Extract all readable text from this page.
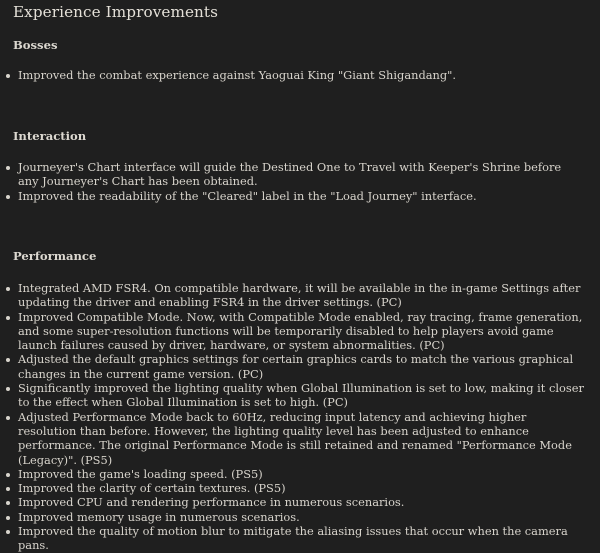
Experience Improvements
Bosses
Improved the combat experience against Yaoguai King "Giant Shigandang".
Interaction
Journeyer's Chart interface will guide the Destined One to Travel with Keeper's Shrine before any Journeyer's Chart has been obtained.
Improved the readability of the "Cleared" label in the "Load Journey" interface.
Performance
Integrated AMD FSR4. On compatible hardware, it will be available in the in-game Settings after updating the driver and enabling FSR4 in the driver settings. (PC)
Improved Compatible Mode. Now, with Compatible Mode enabled, ray tracing, frame generation, and some super-resolution functions will be temporarily disabled to help players avoid game launch failures caused by driver, hardware, or system abnormalities. (PC)
Adjusted the default graphics settings for certain graphics cards to match the various graphical changes in the current game version. (PC)
Significantly improved the lighting quality when Global Illumination is set to low, making it closer to the effect when Global Illumination is set to high. (PC)
Adjusted Performance Mode back to 60Hz, reducing input latency and achieving higher resolution than before. However, the lighting quality level has been adjusted to enhance performance. The original Performance Mode is still retained and renamed "Performance Mode (Legacy)". (PS5)
Improved the game's loading speed. (PS5)
Improved the clarity of certain textures. (PS5)
Improved CPU and rendering performance in numerous scenarios.
Improved memory usage in numerous scenarios.
Improved the quality of motion blur to mitigate the aliasing issues that occur when the camera pans.
